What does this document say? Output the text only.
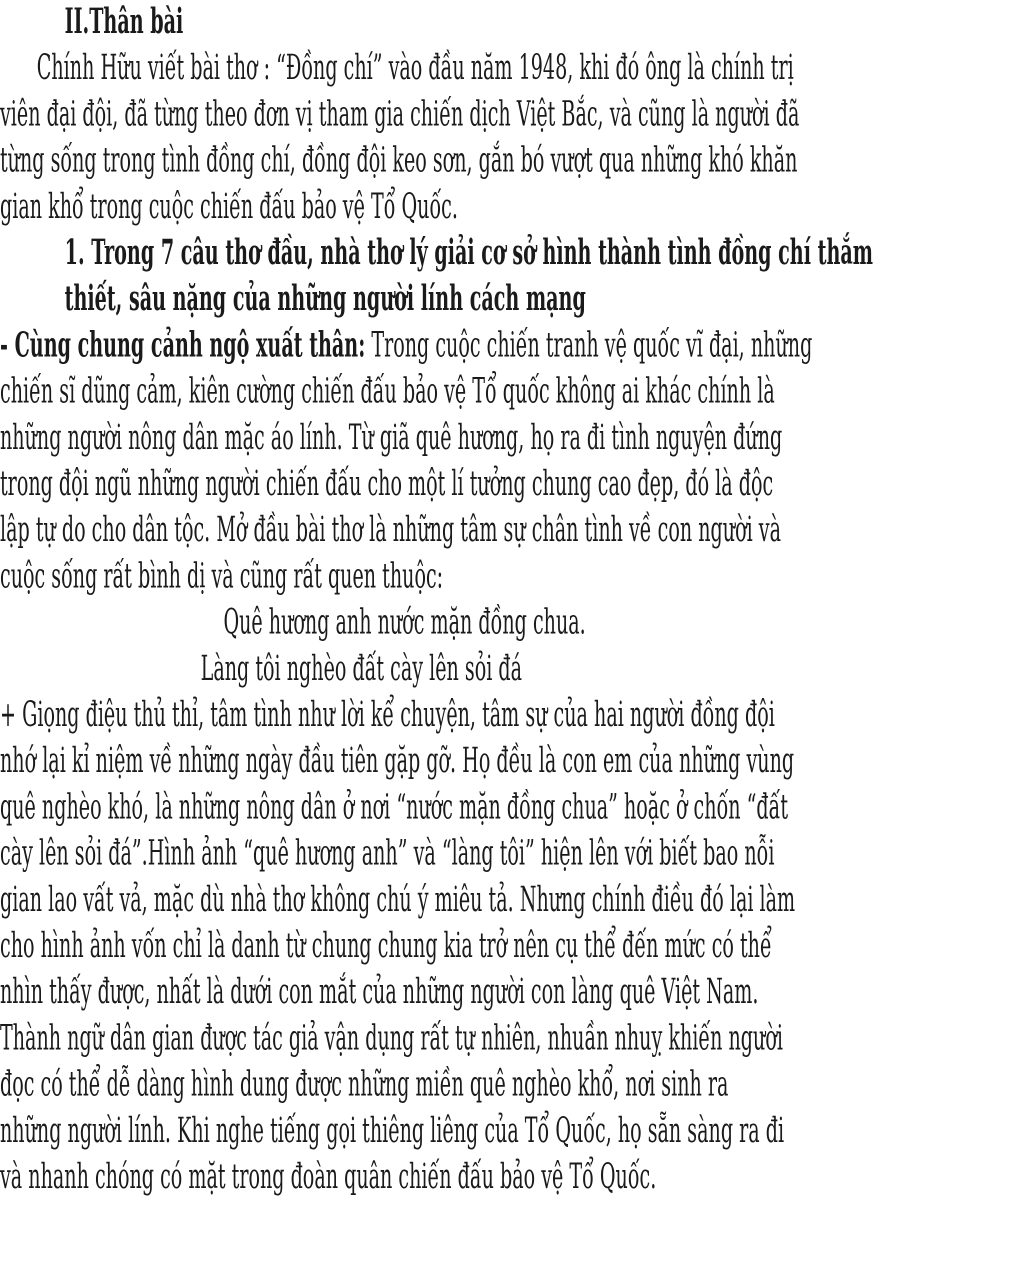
II.Thân bài
Chính Hữu viết bài thơ : “Đồng chí” vào đầu năm 1948, khi đó ông là chính trị
viên đại đội, đã từng theo đơn vị tham gia chiến dịch Việt Bắc, và cũng là người đã
từng sống trong tình đồng chí, đồng đội keo sơn, gắn bó vượt qua những khó khăn
gian khổ trong cuộc chiến đấu bảo vệ Tổ Quốc.
1. Trong 7 câu thơ đầu, nhà thơ lý giải cơ sở hình thành tình đồng chí thắm
thiết, sâu nặng của những người lính cách mạng
- Cùng chung cảnh ngộ xuất thân: Trong cuộc chiến tranh vệ quốc vĩ đại, những
chiến sĩ dũng cảm, kiên cường chiến đấu bảo vệ Tổ quốc không ai khác chính là
những người nông dân mặc áo lính. Từ giã quê hương, họ ra đi tình nguyện đứng
trong đội ngũ những người chiến đấu cho một lí tưởng chung cao đẹp, đó là độc
lập tự do cho dân tộc. Mở đầu bài thơ là những tâm sự chân tình về con người và
cuộc sống rất bình dị và cũng rất quen thuộc:
Quê hương anh nước mặn đồng chua.
Làng tôi nghèo đất cày lên sỏi đá
+ Giọng điệu thủ thỉ, tâm tình như lời kể chuyện, tâm sự của hai người đồng đội
nhớ lại kỉ niệm về những ngày đầu tiên gặp gỡ. Họ đều là con em của những vùng
quê nghèo khó, là những nông dân ở nơi “nước mặn đồng chua” hoặc ở chốn “đất
cày lên sỏi đá”.Hình ảnh “quê hương anh” và “làng tôi” hiện lên với biết bao nỗi
gian lao vất vả, mặc dù nhà thơ không chú ý miêu tả. Nhưng chính điều đó lại làm
cho hình ảnh vốn chỉ là danh từ chung chung kia trở nên cụ thể đến mức có thể
nhìn thấy được, nhất là dưới con mắt của những người con làng quê Việt Nam.
Thành ngữ dân gian được tác giả vận dụng rất tự nhiên, nhuần nhuỵ khiến người
đọc có thể dễ dàng hình dung được những miền quê nghèo khổ, nơi sinh ra
những người lính. Khi nghe tiếng gọi thiêng liêng của Tổ Quốc, họ sẵn sàng ra đi
và nhanh chóng có mặt trong đoàn quân chiến đấu bảo vệ Tổ Quốc.
